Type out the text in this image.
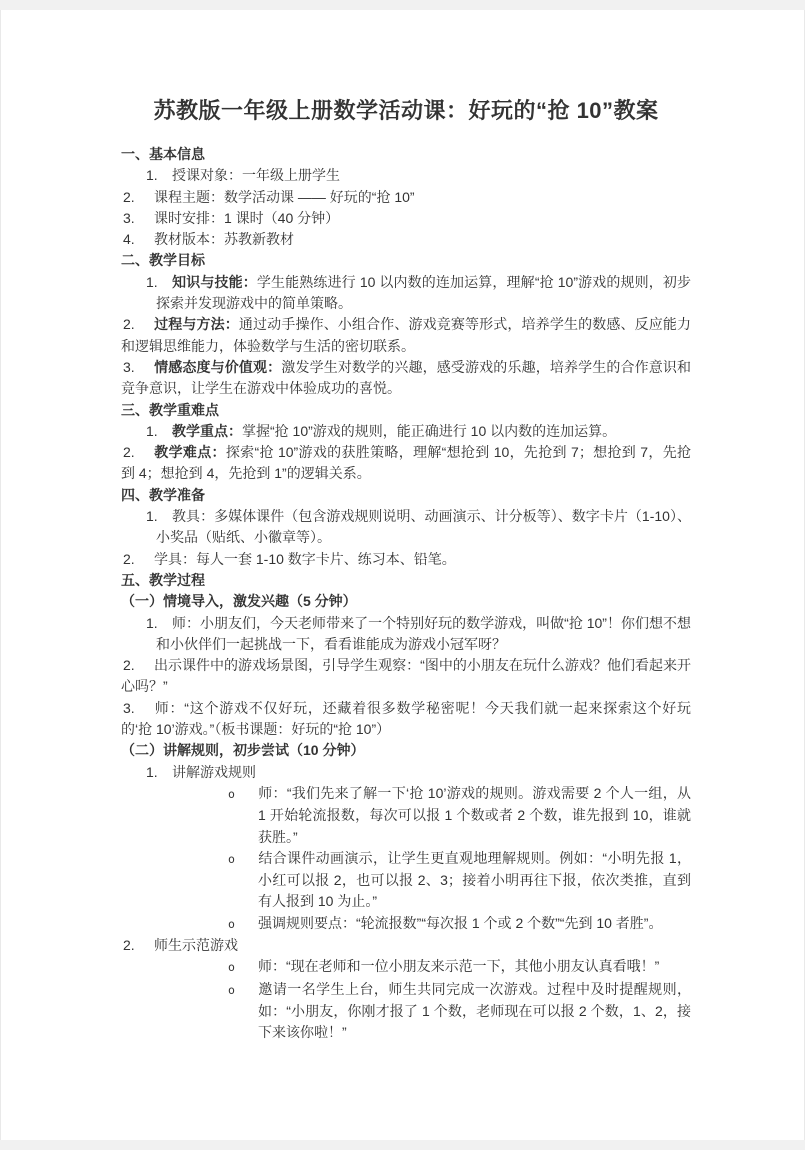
苏教版一年级上册数学活动课：好玩的“抢 10”教案
一、基本信息
1. 授课对象：一年级上册学生
2. 课程主题：数学活动课 —— 好玩的“抢 10”
3. 课时安排：1 课时（40 分钟）
4. 教材版本：苏教新教材
二、教学目标
1. 知识与技能：学生能熟练进行 10 以内数的连加运算，理解“抢 10”游戏的规则，初步探索并发现游戏中的简单策略。
2. 过程与方法：通过动手操作、小组合作、游戏竞赛等形式，培养学生的数感、反应能力和逻辑思维能力，体验数学与生活的密切联系。
3. 情感态度与价值观：激发学生对数学的兴趣，感受游戏的乐趣，培养学生的合作意识和竞争意识，让学生在游戏中体验成功的喜悦。
三、教学重难点
1. 教学重点：掌握“抢 10”游戏的规则，能正确进行 10 以内数的连加运算。
2. 教学难点：探索“抢 10”游戏的获胜策略，理解“想抢到 10，先抢到 7；想抢到 7，先抢到 4；想抢到 4，先抢到 1”的逻辑关系。
四、教学准备
1. 教具：多媒体课件（包含游戏规则说明、动画演示、计分板等）、数字卡片（1-10）、小奖品（贴纸、小徽章等）。
2. 学具：每人一套 1-10 数字卡片、练习本、铅笔。
五、教学过程
（一）情境导入，激发兴趣（5 分钟）
1. 师：小朋友们，今天老师带来了一个特别好玩的数学游戏，叫做“抢 10”！你们想不想和小伙伴们一起挑战一下，看看谁能成为游戏小冠军呀？
2. 出示课件中的游戏场景图，引导学生观察：“图中的小朋友在玩什么游戏？他们看起来开心吗？”
3. 师：“这个游戏不仅好玩，还藏着很多数学秘密呢！今天我们就一起来探索这个好玩的‘抢 10’游戏。”（板书课题：好玩的“抢 10”）
（二）讲解规则，初步尝试（10 分钟）
1. 讲解游戏规则
o 师：“我们先来了解一下‘抢 10’游戏的规则。游戏需要 2 个人一组，从 1 开始轮流报数，每次可以报 1 个数或者 2 个数，谁先报到 10，谁就获胜。”
o 结合课件动画演示，让学生更直观地理解规则。例如：“小明先报 1，小红可以报 2，也可以报 2、3；接着小明再往下报，依次类推，直到有人报到 10 为止。”
o 强调规则要点：“轮流报数”“每次报 1 个或 2 个数”“先到 10 者胜”。
2. 师生示范游戏
o 师：“现在老师和一位小朋友来示范一下，其他小朋友认真看哦！”
o 邀请一名学生上台，师生共同完成一次游戏。过程中及时提醒规则，如：“小朋友，你刚才报了 1 个数，老师现在可以报 2 个数，1、2，接下来该你啦！”
